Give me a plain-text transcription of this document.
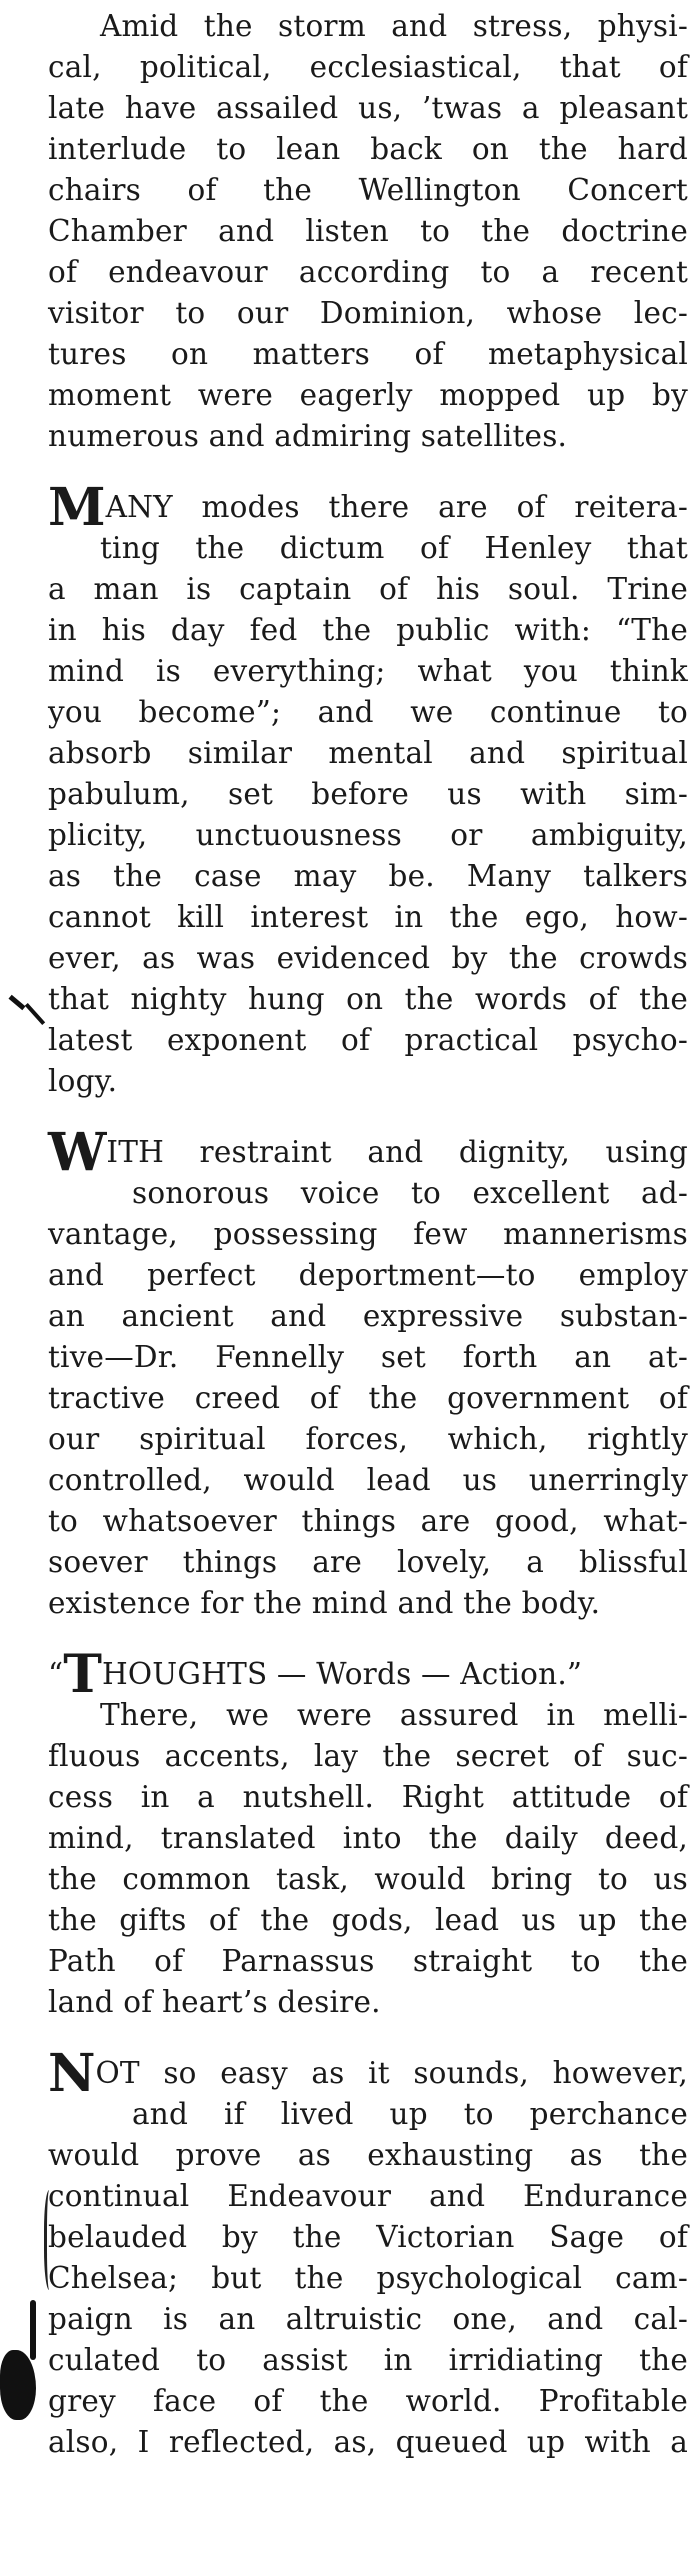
Amid the storm and stress, physi-
cal, political, ecclesiastical, that of
late have assailed us, ’twas a pleasant
interlude to lean back on the hard
chairs of the Wellington Concert
Chamber and listen to the doctrine
of endeavour according to a recent
visitor to our Dominion, whose lec-
tures on matters of metaphysical
moment were eagerly mopped up by
numerous and admiring satellites.
MANY modes there are of reitera-
ting the dictum of Henley that
a man is captain of his soul. Trine
in his day fed the public with: “The
mind is everything; what you think
you become”; and we continue to
absorb similar mental and spiritual
pabulum, set before us with sim-
plicity, unctuousness or ambiguity,
as the case may be. Many talkers
cannot kill interest in the ego, how-
ever, as was evidenced by the crowds
that nighty hung on the words of the
latest exponent of practical psycho-
logy.
WITH restraint and dignity, using
sonorous voice to excellent ad-
vantage, possessing few mannerisms
and perfect deportment—to employ
an ancient and expressive substan-
tive—Dr. Fennelly set forth an at-
tractive creed of the government of
our spiritual forces, which, rightly
controlled, would lead us unerringly
to whatsoever things are good, what-
soever things are lovely, a blissful
existence for the mind and the body.
“THOUGHTS — Words — Action.”
There, we were assured in melli-
fluous accents, lay the secret of suc-
cess in a nutshell. Right attitude of
mind, translated into the daily deed,
the common task, would bring to us
the gifts of the gods, lead us up the
Path of Parnassus straight to the
land of heart’s desire.
NOT so easy as it sounds, however,
and if lived up to perchance
would prove as exhausting as the
continual Endeavour and Endurance
belauded by the Victorian Sage of
Chelsea; but the psychological cam-
paign is an altruistic one, and cal-
culated to assist in irridiating the
grey face of the world. Profitable
also, I reflected, as, queued up with a
